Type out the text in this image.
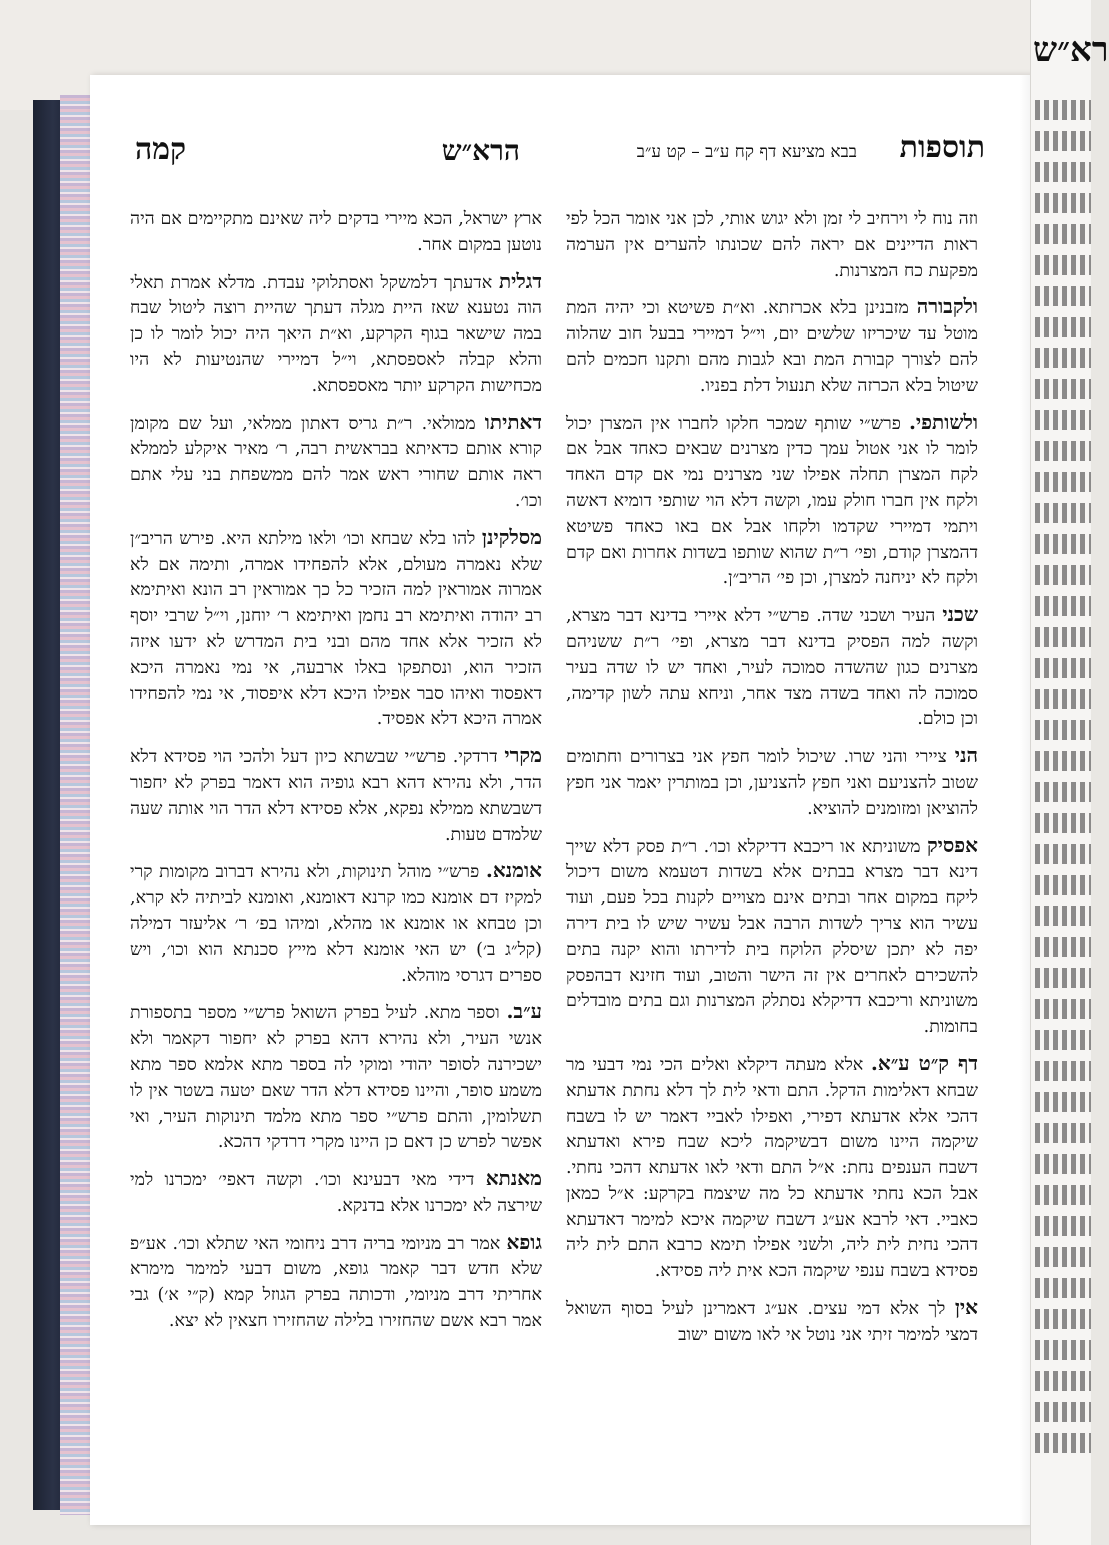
תוספות
בבא מציעא דף קח ע״ב – קט ע״ב
הרא״ש
קמה

וזה נוח לי וירחיב לי זמן ולא יגוש אותי, לכן אני אומר הכל לפי ראות הדיינים אם יראה להם שכונתו להערים אין הערמה מפקעת כח המצרנות.

ולקבורה מזבנינן בלא אכרזתא. וא״ת פשיטא וכי יהיה המת מוטל עד שיכריזו שלשים יום, וי״ל דמיירי בבעל חוב שהלוה להם לצורך קבורת המת ובא לגבות מהם ותקנו חכמים להם שיטול בלא הכרזה שלא תנעול דלת בפניו.

ולשותפי. פרש״י שותף שמכר חלקו לחברו אין המצרן יכול לומר לו אני אטול עמך כדין מצרנים שבאים כאחד אבל אם לקח המצרן תחלה אפילו שני מצרנים נמי אם קדם האחד ולקח אין חברו חולק עמו, וקשה דלא הוי שותפי דומיא דאשה ויתמי דמיירי שקדמו ולקחו אבל אם באו כאחד פשיטא דהמצרן קודם, ופי׳ ר״ת שהוא שותפו בשדות אחרות ואם קדם ולקח לא יניחנה למצרן, וכן פי׳ הריב״ן.

שכני העיר ושכני שדה. פרש״י דלא איירי בדינא דבר מצרא, וקשה למה הפסיק בדינא דבר מצרא, ופי׳ ר״ת ששניהם מצרנים כגון שהשדה סמוכה לעיר, ואחד יש לו שדה בעיר סמוכה לה ואחד בשדה מצד אחר, וניחא עתה לשון קדימה, וכן כולם.

הני ציירי והני שרו. שיכול לומר חפץ אני בצרורים וחתומים שטוב להצניעם ואני חפץ להצניען, וכן במותרין יאמר אני חפץ להוציאן ומזומנים להוציא.

אפסיק משוניתא או ריכבא דדיקלא וכו׳. ר״ת פסק דלא שייך דינא דבר מצרא בבתים אלא בשדות דטעמא משום דיכול ליקח במקום אחר ובתים אינם מצויים לקנות בכל פעם, ועוד עשיר הוא צריך לשדות הרבה אבל עשיר שיש לו בית דירה יפה לא יתכן שיסלק הלוקח בית לדירתו והוא יקנה בתים להשכירם לאחרים אין זה הישר והטוב, ועוד חזינא דבהפסק משוניתא וריכבא דדיקלא נסתלק המצרנות וגם בתים מובדלים בחומות.

דף ק״ט ע״א. אלא מעתה דיקלא ואלים הכי נמי דבעי מר שבחא דאלימות הדקל. התם ודאי לית לך דלא נחתת אדעתא דהכי אלא אדעתא דפירי, ואפילו לאביי דאמר יש לו בשבח שיקמה היינו משום דבשיקמה ליכא שבח פירא ואדעתא דשבח הענפים נחת: א״ל התם ודאי לאו אדעתא דהכי נחתי. אבל הכא נחתי אדעתא כל מה שיצמח בקרקע: א״ל כמאן כאביי. דאי לרבא אע״ג דשבח שיקמה איכא למימר דאדעתא דהכי נחית לית ליה, ולשני אפילו תימא כרבא התם לית ליה פסידא בשבח ענפי שיקמה הכא אית ליה פסידא.

אין לך אלא דמי עצים. אע״ג דאמרינן לעיל בסוף השואל דמצי למימר זיתי אני נוטל אי לאו משום ישוב

ארץ ישראל, הכא מיירי בדקים ליה שאינם מתקיימים אם היה נוטען במקום אחר.

דגלית אדעתך דלמשקל ואסתלוקי עבדת. מדלא אמרת תאלי הוה נטענא שאז היית מגלה דעתך שהיית רוצה ליטול שבח במה שישאר בגוף הקרקע, וא״ת היאך היה יכול לומר לו כן והלא קבלה לאספסתא, וי״ל דמיירי שהנטיעות לא היו מכחישות הקרקע יותר מאספסתא.

דאתיתו ממולאי. ר״ת גריס דאתון ממלאי, ועל שם מקומן קורא אותם כדאיתא בבראשית רבה, ר׳ מאיר איקלע לממלא ראה אותם שחורי ראש אמר להם ממשפחת בני עלי אתם וכו׳.

מסלקינן להו בלא שבחא וכו׳ ולאו מילתא היא. פירש הריב״ן שלא נאמרה מעולם, אלא להפחידו אמרה, ותימה אם לא אמרוה אמוראין למה הזכיר כל כך אמוראין רב הונא ואיתימא רב יהודה ואיתימא רב נחמן ואיתימא ר׳ יוחנן, וי״ל שרבי יוסף לא הזכיר אלא אחד מהם ובני בית המדרש לא ידעו איזה הזכיר הוא, ונסתפקו באלו ארבעה, אי נמי נאמרה היכא דאפסוד ואיהו סבר אפילו היכא דלא איפסוד, אי נמי להפחידו אמרה היכא דלא אפסיד.

מקרי דרדקי. פרש״י שבשתא כיון דעל ולהכי הוי פסידא דלא הדר, ולא נהירא דהא רבא גופיה הוא דאמר בפרק לא יחפור דשבשתא ממילא נפקא, אלא פסידא דלא הדר הוי אותה שעה שלמדם טעות.

אומנא. פרש״י מוהל תינוקות, ולא נהירא דברוב מקומות קרי למקיז דם אומנא כמו קרנא דאומנא, ואומנא לביתיה לא קרא, וכן טבחא או אומנא או מהלא, ומיהו בפ׳ ר׳ אליעזר דמילה (קל״ג ב׳) יש האי אומנא דלא מייץ סכנתא הוא וכו׳, ויש ספרים דגרסי מוהלא.

ע״ב. וספר מתא. לעיל בפרק השואל פרש״י מספר בתספורת אנשי העיר, ולא נהירא דהא בפרק לא יחפור דקאמר ולא ישכירנה לסופר יהודי ומוקי לה בספר מתא אלמא ספר מתא משמע סופר, והיינו פסידא דלא הדר שאם יטעה בשטר אין לו תשלומין, והתם פרש״י ספר מתא מלמד תינוקות העיר, ואי אפשר לפרש כן דאם כן היינו מקרי דרדקי דהכא.

מאנתא דידי מאי דבעינא וכו׳. וקשה דאפי׳ ימכרנו למי שירצה לא ימכרנו אלא בדנקא.

גופא אמר רב מניומי בריה דרב ניחומי האי שתלא וכו׳. אע״פ שלא חדש דבר קאמר גופא, משום דבעי למימר מימרא אחריתי דרב מניומי, ודכותה בפרק הגוזל קמא (ק״י א׳) גבי אמר רבא אשם שהחזירו בלילה שהחזירו חצאין לא יצא.

רא״ש
